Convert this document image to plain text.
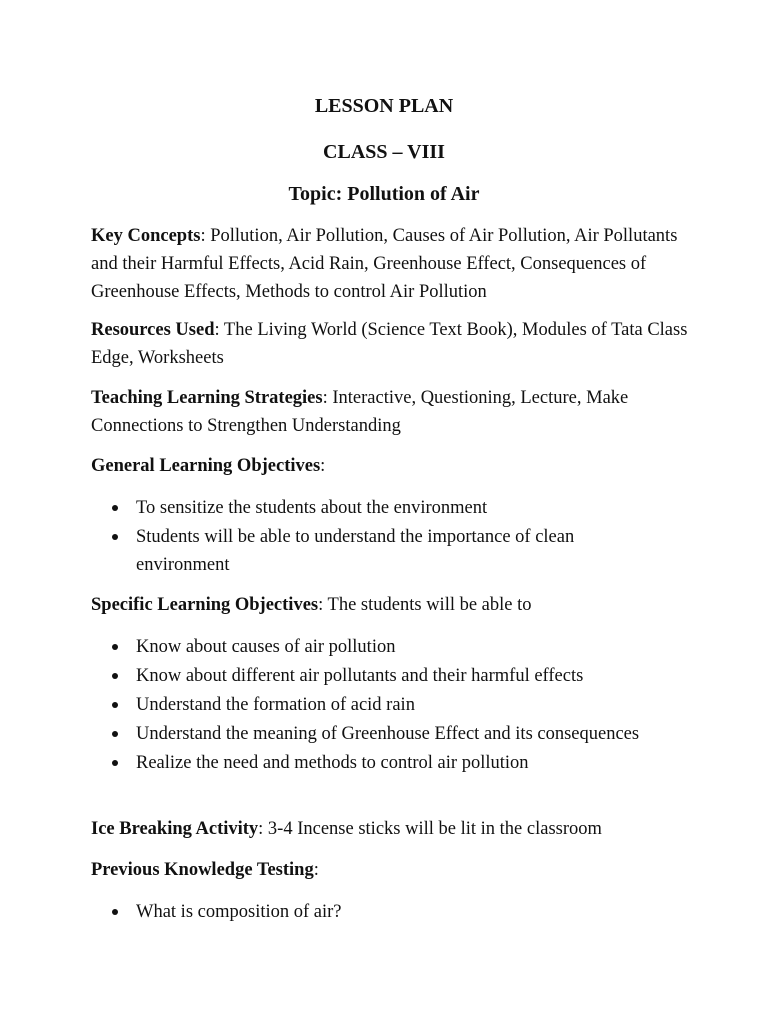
LESSON PLAN

CLASS – VIII

Topic: Pollution of Air

Key Concepts: Pollution, Air Pollution, Causes of Air Pollution, Air Pollutants and their Harmful Effects, Acid Rain, Greenhouse Effect, Consequences of Greenhouse Effects, Methods to control Air Pollution

Resources Used: The Living World (Science Text Book), Modules of Tata Class Edge, Worksheets

Teaching Learning Strategies: Interactive, Questioning, Lecture, Make Connections to Strengthen Understanding

General Learning Objectives:

To sensitize the students about the environment
Students will be able to understand the importance of clean environment

Specific Learning Objectives: The students will be able to

Know about causes of air pollution
Know about different air pollutants and their harmful effects
Understand the formation of acid rain
Understand the meaning of Greenhouse Effect and its consequences
Realize the need and methods to control air pollution

Ice Breaking Activity: 3-4 Incense sticks will be lit in the classroom

Previous Knowledge Testing:

What is composition of air?
